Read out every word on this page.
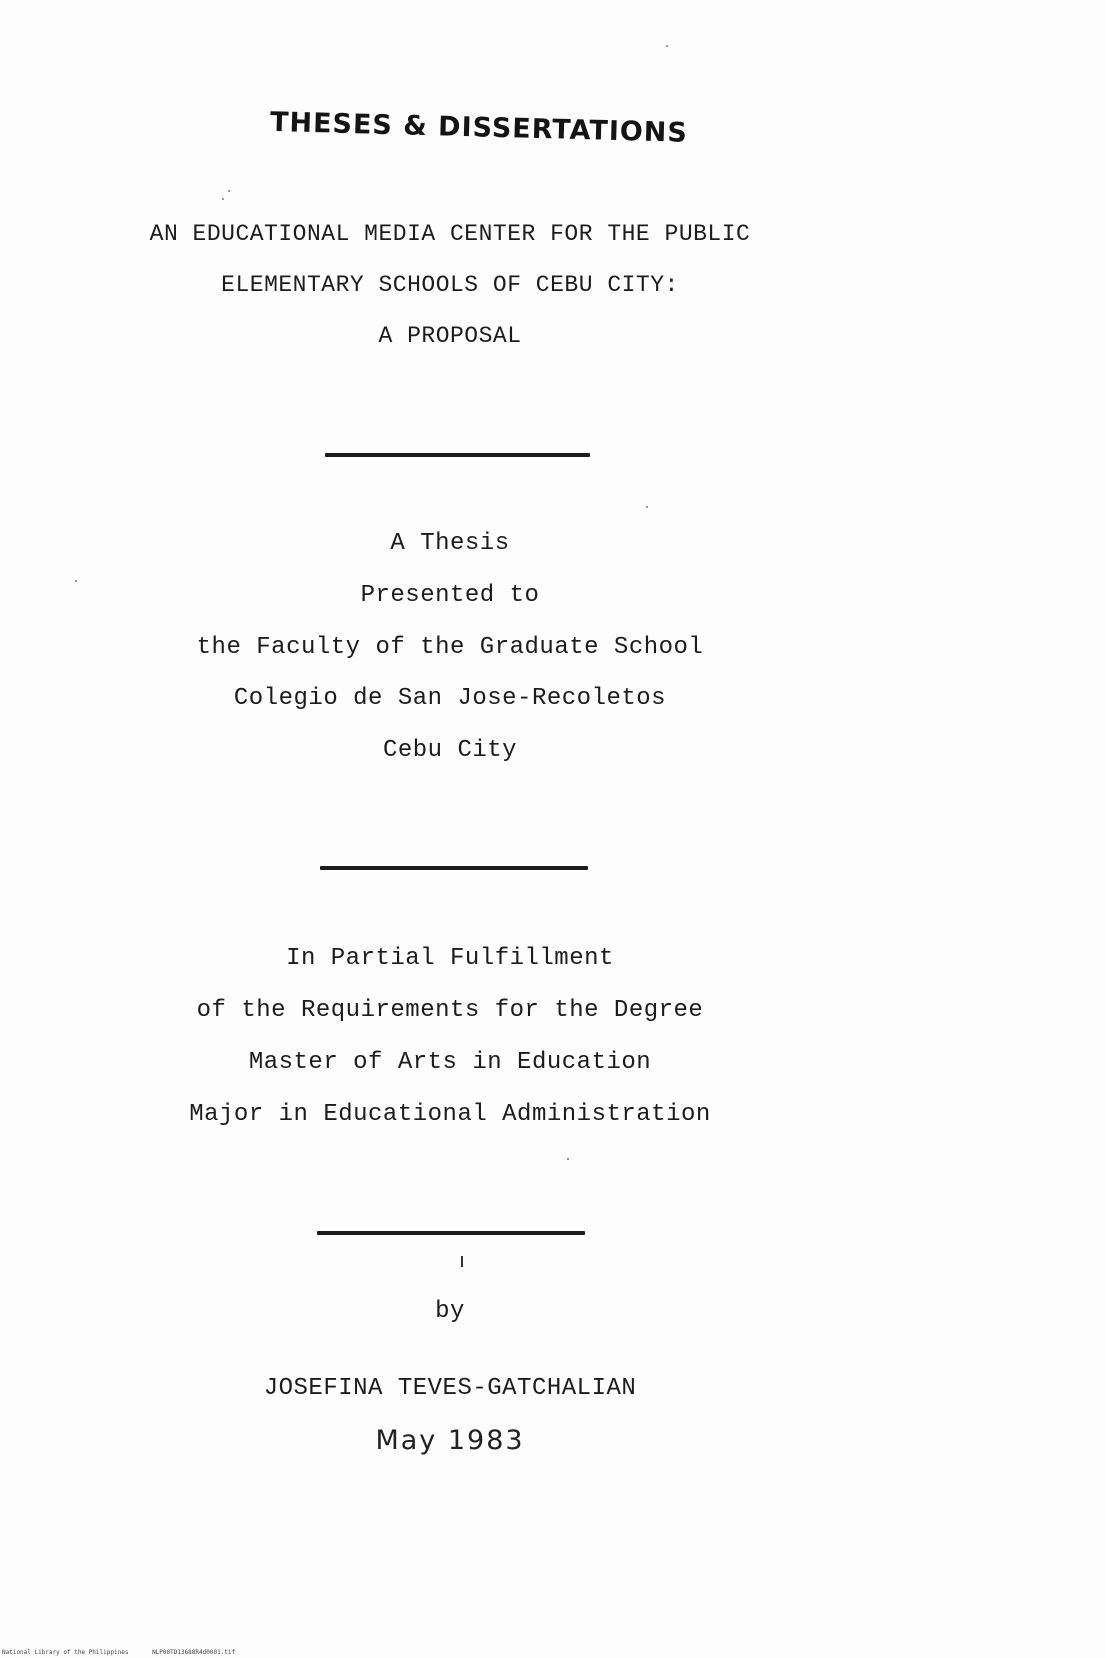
THESES & DISSERTATIONS
AN EDUCATIONAL MEDIA CENTER FOR THE PUBLIC
ELEMENTARY SCHOOLS OF CEBU CITY:
A PROPOSAL
A Thesis
Presented to
the Faculty of the Graduate School
Colegio de San Jose-Recoletos
Cebu City
In Partial Fulfillment
of the Requirements for the Degree
Master of Arts in Education
Major in Educational Administration
by
JOSEFINA TEVES-GATCHALIAN
May 1983
National Library of the Philippines	NLP00TD13688R4d0001.tif
